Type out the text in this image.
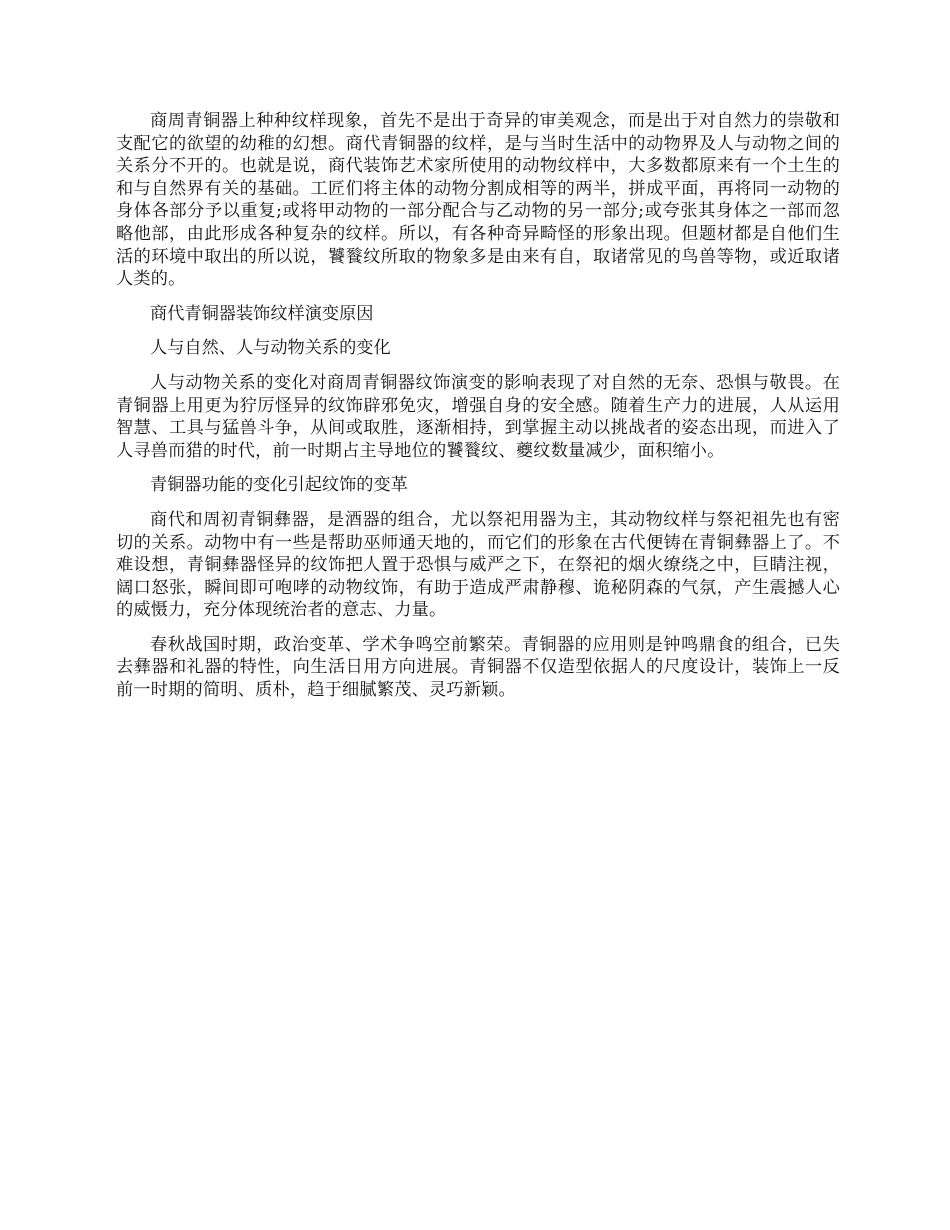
商周青铜器上种种纹样现象，首先不是出于奇异的审美观念，而是出于对自然力的崇敬和支配它的欲望的幼稚的幻想。商代青铜器的纹样，是与当时生活中的动物界及人与动物之间的关系分不开的。也就是说，商代装饰艺术家所使用的动物纹样中，大多数都原来有一个土生的和与自然界有关的基础。工匠们将主体的动物分割成相等的两半，拼成平面，再将同一动物的身体各部分予以重复;或将甲动物的一部分配合与乙动物的另一部分;或夸张其身体之一部而忽略他部，由此形成各种复杂的纹样。所以，有各种奇异畸怪的形象出现。但题材都是自他们生活的环境中取出的所以说，饕餮纹所取的物象多是由来有自，取诸常见的鸟兽等物，或近取诸人类的。

商代青铜器装饰纹样演变原因

人与自然、人与动物关系的变化

人与动物关系的变化对商周青铜器纹饰演变的影响表现了对自然的无奈、恐惧与敬畏。在青铜器上用更为狞厉怪异的纹饰辟邪免灾，增强自身的安全感。随着生产力的进展，人从运用智慧、工具与猛兽斗争，从间或取胜，逐渐相持，到掌握主动以挑战者的姿态出现，而进入了人寻兽而猎的时代，前一时期占主导地位的饕餮纹、夔纹数量减少，面积缩小。

青铜器功能的变化引起纹饰的变革

商代和周初青铜彝器，是酒器的组合，尤以祭祀用器为主，其动物纹样与祭祀祖先也有密切的关系。动物中有一些是帮助巫师通天地的，而它们的形象在古代便铸在青铜彝器上了。不难设想，青铜彝器怪异的纹饰把人置于恐惧与威严之下，在祭祀的烟火缭绕之中，巨睛注视，阔口怒张，瞬间即可咆哮的动物纹饰，有助于造成严肃静穆、诡秘阴森的气氛，产生震撼人心的威慑力，充分体现统治者的意志、力量。

春秋战国时期，政治变革、学术争鸣空前繁荣。青铜器的应用则是钟鸣鼎食的组合，已失去彝器和礼器的特性，向生活日用方向进展。青铜器不仅造型依据人的尺度设计，装饰上一反前一时期的简明、质朴，趋于细腻繁茂、灵巧新颖。
